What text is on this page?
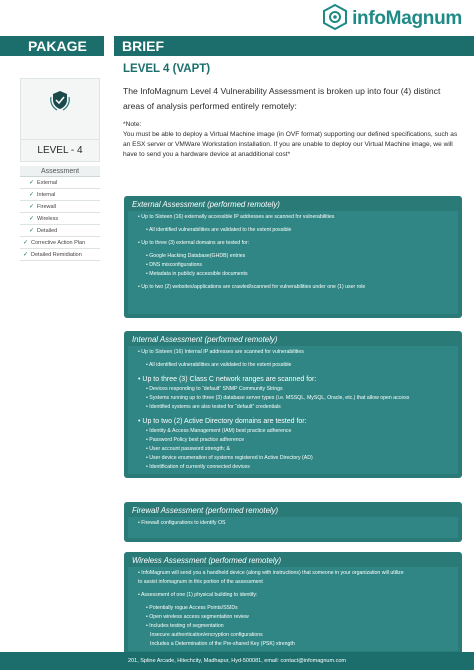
infoMagnum
PAKAGE	BRIEF
LEVEL - 4
Assessment
✓ External
✓ Internal
✓ Firewall
✓ Wireless
✓ Detailed
✓ Corrective Action Plan
✓ Detailed Remidiation
LEVEL 4 (VAPT)
The InfoMagnum Level 4 Vulnerability Assessment is broken up into four (4) distinct areas of analysis performed entirely remotely:
*Note:
You must be able to deploy a Virtual Machine image (in OVF format) supporting our defined specifications, such as an ESX server or VMWare Workstation installation. If you are unable to deploy our Virtual Machine image, we will have to send you a hardware device at anadditional cost*
External Assessment (performed remotely)
• Up to Sixteen (16) externally accessible IP addresses are scanned for vulnerabilities
• All identified vulnerabilities are validated to the extent possible
• Up to three (3) external domains are tested for:
• Google Hacking Database(GHDB) entries
• DNS misconfigurations
• Metadata in publicly accessible documents
• Up to two (2) websites/applications are crawled/scanned for vulnerabilities under one (1) user role
Internal Assessment (performed remotely)
• Up to Sixteen (16) Internal IP addresses are scanned for vulnerabilities
• All identified vulnerabilities are validated to the extent possible
• Up to three (3) Class C network ranges are scanned for:
• Devices responding to “default” SNMP Community Strings
• Systems running up to three (3) database server types (i.e. MSSQL, MySQL, Oracle, etc.) that allow open access
• Identified systems are also tested for “default” credentials
• Up to two (2) Active Directory domains are tested for:
• Identity & Access Management (IAM) best practice adherence
• Password Policy best practice adherence
• User account password strength; &
• User device enumeration of systems registered in Active Directory (AD)
• Identification of currently connected devices
Firewall Assessment (performed remotely)
• Firewall configurations to identify OS
Wireless Assessment (performed remotely)
• InfoMagnum will send you a handheld device (along with instructions) that someone in your organization will utilize
to assist infomagnum in this portion of the assessment
• Assessment of one (1) physical building to identify:
• Potentially rogue Access Points/SSIDs
• Open wireless access segmentation review
• Includes testing of segmentation
Insecure authentication/encryption configurations
Includes a Determination of the Pre-shared Key (PSK) strength
201, Spline Arcade, Hitechcity, Madhapur, Hyd-500081, email: contact@infomagnum.com
